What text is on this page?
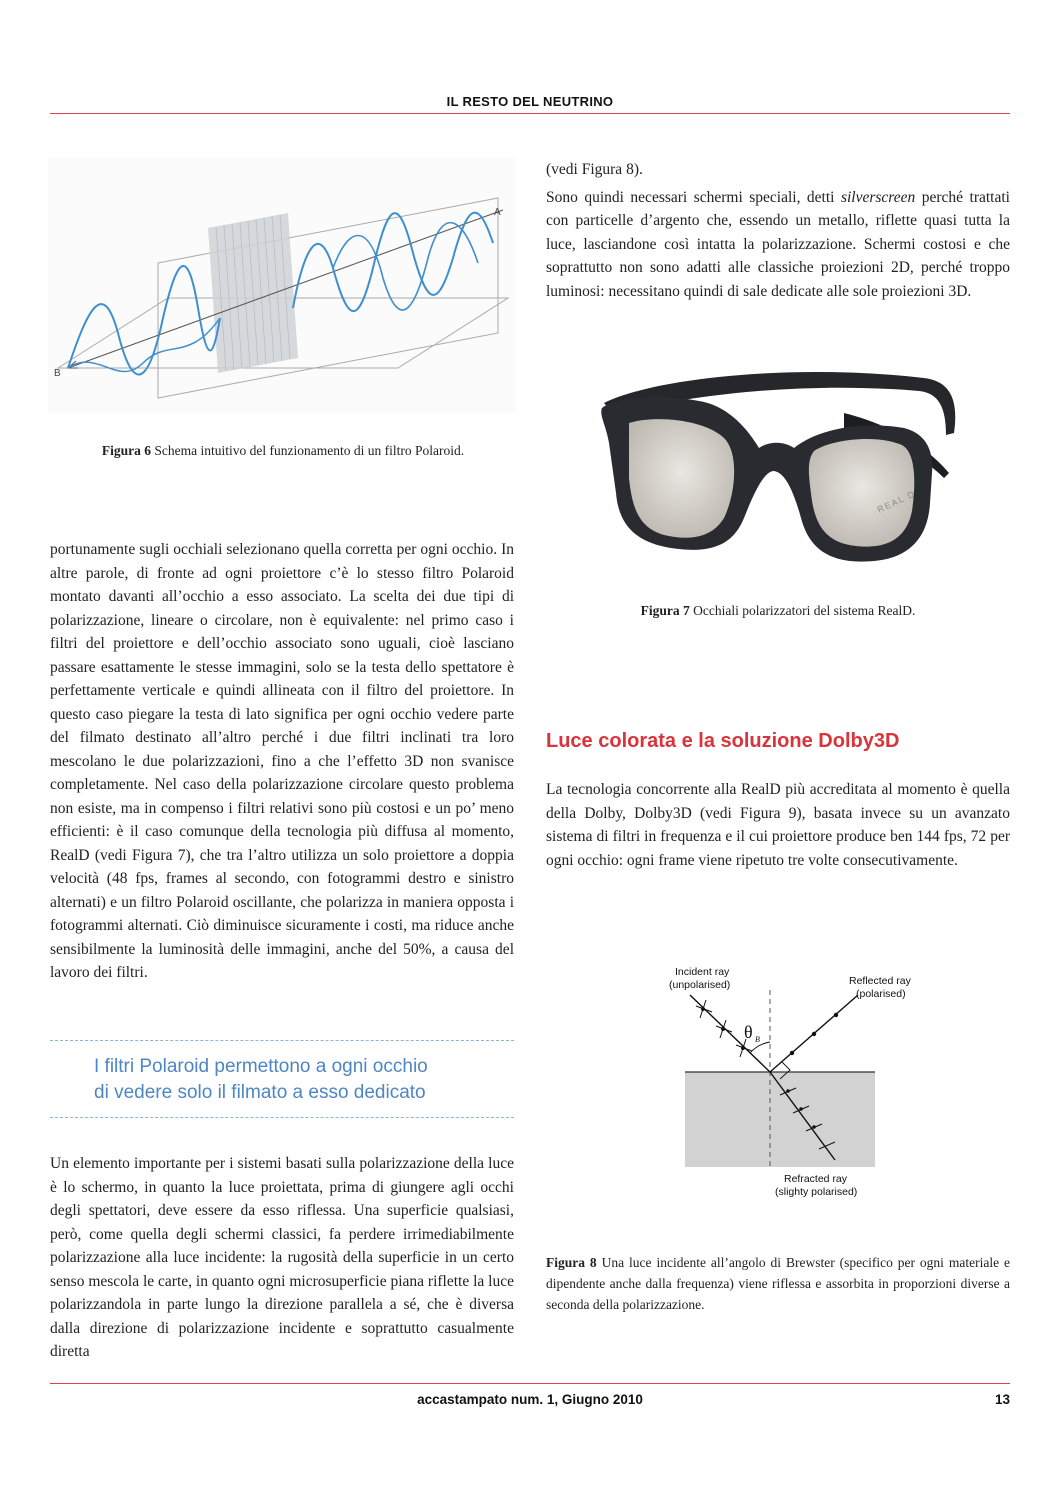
IL RESTO DEL NEUTRINO
A
B
Figura 6 Schema intuitivo del funzionamento di un filtro Polaroid.

portunamente sugli occhiali selezionano quella corretta per ogni occhio. In altre parole, di fronte ad ogni proiettore c’è lo stesso filtro Polaroid montato davanti all’occhio a esso associato. La scelta dei due tipi di polarizzazione, lineare o circolare, non è equivalente: nel primo caso i filtri del proiettore e dell’occhio associato sono uguali, cioè lasciano passare esattamente le stesse immagini, solo se la testa dello spettatore è perfettamente verticale e quindi allineata con il filtro del proiettore. In questo caso piegare la testa di lato significa per ogni occhio vedere parte del filmato destinato all’altro perché i due filtri inclinati tra loro mescolano le due polarizzazioni, fino a che l’effetto 3D non svanisce completamente. Nel caso della polarizzazione circolare questo problema non esiste, ma in compenso i filtri relativi sono più costosi e un po’ meno efficienti: è il caso comunque della tecnologia più diffusa al momento, RealD (vedi Figura 7), che tra l’altro utilizza un solo proiettore a doppia velocità (48 fps, frames al secondo, con fotogrammi destro e sinistro alternati) e un filtro Polaroid oscillante, che polarizza in maniera opposta i fotogrammi alternati. Ciò diminuisce sicuramente i costi, ma riduce anche sensibilmente la luminosità delle immagini, anche del 50%, a causa del lavoro dei filtri.

I filtri Polaroid permettono a ogni occhio
di vedere solo il filmato a esso dedicato

Un elemento importante per i sistemi basati sulla polarizzazione della luce è lo schermo, in quanto la luce proiettata, prima di giungere agli occhi degli spettatori, deve essere da esso riflessa. Una superficie qualsiasi, però, come quella degli schermi classici, fa perdere irrimediabilmente polarizzazione alla luce incidente: la rugosità della superficie in un certo senso mescola le carte, in quanto ogni microsuperficie piana riflette la luce polarizzandola in parte lungo la direzione parallela a sé, che è diversa dalla direzione di polarizzazione incidente e soprattutto casualmente diretta

(vedi Figura 8).

Sono quindi necessari schermi speciali, detti silverscreen perché trattati con particelle d’argento che, essendo un metallo, riflette quasi tutta la luce, lasciandone così intatta la polarizzazione. Schermi costosi e che soprattutto non sono adatti alle classiche proiezioni 2D, perché troppo luminosi: necessitano quindi di sale dedicate alle sole proiezioni 3D.

REAL D
Figura 7 Occhiali polarizzatori del sistema RealD.
Luce colorata e la soluzione Dolby3D

La tecnologia concorrente alla RealD più accreditata al momento è quella della Dolby, Dolby3D (vedi Figura 9), basata invece su un avanzato sistema di filtri in frequenza e il cui proiettore produce ben 144 fps, 72 per ogni occhio: ogni frame viene ripetuto tre volte consecutivamente.

θ B
Incident ray
(unpolarised)	Reflected ray
(polarised)
Refracted ray
(slighty polarised)
Figura 8 Una luce incidente all’angolo di Brewster (specifico per ogni materiale e dipendente anche dalla frequenza) viene riflessa e assorbita in proporzioni diverse a seconda della polarizzazione.
accastampato num. 1, Giugno 2010	13
